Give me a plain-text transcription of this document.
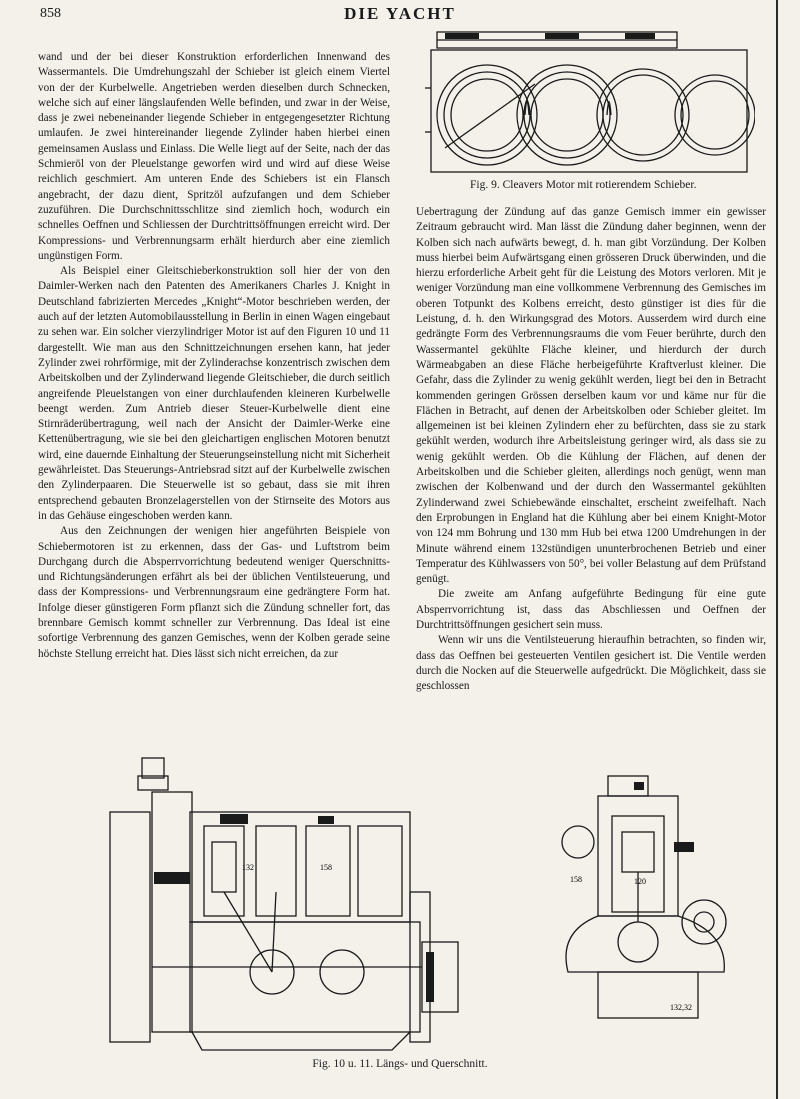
858	DIE YACHT
Fig. 9. Cleavers Motor mit rotierendem Schieber.

wand und der bei dieser Konstruktion erforderlichen Innenwand des Wassermantels. Die Umdrehungszahl der Schieber ist gleich einem Viertel von der der Kurbelwelle. Angetrieben werden dieselben durch Schnecken, welche sich auf einer längslaufenden Welle befinden, und zwar in der Weise, dass je zwei nebeneinander liegende Schieber in entgegengesetzter Richtung umlaufen. Je zwei hintereinander liegende Zylinder haben hierbei einen gemeinsamen Auslass und Einlass. Die Welle liegt auf der Seite, nach der das Schmieröl von der Pleuelstange geworfen wird und wird auf diese Weise reichlich geschmiert. Am unteren Ende des Schiebers ist ein Flansch angebracht, der dazu dient, Spritzöl aufzufangen und dem Schieber zuzuführen. Die Durchschnittsschlitze sind ziemlich hoch, wodurch ein schnelles Oeffnen und Schliessen der Durchtrittsöffnungen erreicht wird. Der Kompressions- und Verbrennungsarm erhält hierdurch aber eine ziemlich ungünstigen Form.

Als Beispiel einer Gleitschieberkonstruktion soll hier der von den Daimler-Werken nach den Patenten des Amerikaners Charles J. Knight in Deutschland fabrizierten Mercedes „Knight“-Motor beschrieben werden, der auch auf der letzten Automobilausstellung in Berlin in einen Wagen eingebaut zu sehen war. Ein solcher vierzylindriger Motor ist auf den Figuren 10 und 11 dargestellt. Wie man aus den Schnittzeichnungen ersehen kann, hat jeder Zylinder zwei rohrförmige, mit der Zylinderachse konzentrisch zwischen dem Arbeitskolben und der Zylinderwand liegende Gleitschieber, die durch seitlich angreifende Pleuelstangen von einer durchlaufenden kleineren Kurbelwelle beengt werden. Zum Antrieb dieser Steuer-Kurbelwelle dient eine Stirnräderübertragung, weil nach der Ansicht der Daimler-Werke eine Kettenübertragung, wie sie bei den gleichartigen englischen Motoren benutzt wird, eine dauernde Einhaltung der Steuerungseinstellung nicht mit Sicherheit gewährleistet. Das Steuerungs-Antriebsrad sitzt auf der Kurbelwelle zwischen den Zylinderpaaren. Die Steuerwelle ist so gebaut, dass sie mit ihren entsprechend gebauten Bronzelagerstellen von der Stirnseite des Motors aus in das Gehäuse eingeschoben werden kann.

Aus den Zeichnungen der wenigen hier angeführten Beispiele von Schiebermotoren ist zu erkennen, dass der Gas- und Luftstrom beim Durchgang durch die Absperrvorrichtung bedeutend weniger Querschnitts- und Richtungsänderungen erfährt als bei der üblichen Ventilsteuerung, und dass der Kompressions- und Verbrennungsraum eine gedrängtere Form hat. Infolge dieser günstigeren Form pflanzt sich die Zündung schneller fort, das brennbare Gemisch kommt schneller zur Verbrennung. Das Ideal ist eine sofortige Verbrennung des ganzen Gemisches, wenn der Kolben gerade seine höchste Stellung erreicht hat. Dies lässt sich nicht erreichen, da zur

Uebertragung der Zündung auf das ganze Gemisch immer ein gewisser Zeitraum gebraucht wird. Man lässt die Zündung daher beginnen, wenn der Kolben sich nach aufwärts bewegt, d. h. man gibt Vorzündung. Der Kolben muss hierbei beim Aufwärtsgang einen grösseren Druck überwinden, und die hierzu erforderliche Arbeit geht für die Leistung des Motors verloren. Mit je weniger Vorzündung man eine vollkommene Verbrennung des Gemisches im oberen Totpunkt des Kolbens erreicht, desto günstiger ist dies für die Leistung, d. h. den Wirkungsgrad des Motors. Ausserdem wird durch eine gedrängte Form des Verbrennungsraums die vom Feuer berührte, durch den Wassermantel gekühlte Fläche kleiner, und hierdurch der durch Wärmeabgaben an diese Fläche herbeigeführte Kraftverlust kleiner. Die Gefahr, dass die Zylinder zu wenig gekühlt werden, liegt bei den in Betracht kommenden geringen Grössen derselben kaum vor und käme nur für die Flächen in Betracht, auf denen der Arbeitskolben oder Schieber gleitet. Im allgemeinen ist bei kleinen Zylindern eher zu befürchten, dass sie zu stark gekühlt werden, wodurch ihre Arbeitsleistung geringer wird, als dass sie zu wenig gekühlt werden. Ob die Kühlung der Flächen, auf denen der Arbeitskolben und die Schieber gleiten, allerdings noch genügt, wenn man zwischen der Kolbenwand und der durch den Wassermantel gekühlten Zylinderwand zwei Schiebewände einschaltet, erscheint zweifelhaft. Nach den Erprobungen in England hat die Kühlung aber bei einem Knight-Motor von 124 mm Bohrung und 130 mm Hub bei etwa 1200 Umdrehungen in der Minute während einem 132stündigen ununterbrochenen Betrieb und einer Temperatur des Kühlwassers von 50°, bei voller Belastung auf dem Prüfstand genügt.

Die zweite am Anfang aufgeführte Bedingung für eine gute Absperrvorrichtung ist, dass das Abschliessen und Oeffnen der Durchtrittsöffnungen gesichert sein muss.

Wenn wir uns die Ventilsteuerung hieraufhin betrachten, so finden wir, dass das Oeffnen bei gesteuerten Ventilen gesichert ist. Die Ventile werden durch die Nocken auf die Steuerwelle aufgedrückt. Die Möglichkeit, dass sie geschlossen

132	158
120
158
132,32
Fig. 10 u. 11. Längs- und Querschnitt.
